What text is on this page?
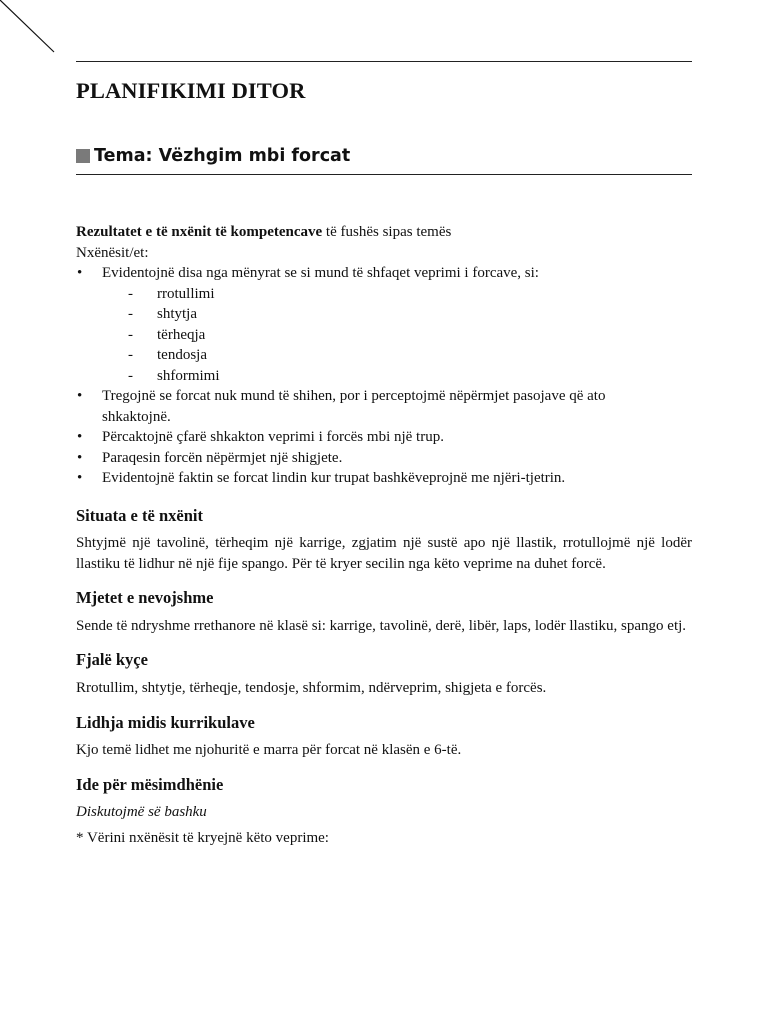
PLANIFIKIMI DITOR
Tema: Vëzhgim mbi forcat

Rezultatet e të nxënit të kompetencave të fushës sipas temës

Nxënësit/et:

• Evidentojnë disa nga mënyrat se si mund të shfaqet veprimi i forcave, si:
- rrotullimi
- shtytja
- tërheqja
- tendosja
- shformimi
• Tregojnë se forcat nuk mund të shihen, por i perceptojmë nëpërmjet pasojave që ato shkaktojnë.
• Përcaktojnë çfarë shkakton veprimi i forcës mbi një trup.
• Paraqesin forcën nëpërmjet një shigjete.
• Evidentojnë faktin se forcat lindin kur trupat bashkëveprojnë me njëri-tjetrin.

Situata e të nxënit

Shtyjmë një tavolinë, tërheqim një karrige, zgjatim një sustë apo një llastik, rrotullojmë një lodër llastiku të lidhur në një fije spango. Për të kryer secilin nga këto veprime na duhet forcë.

Mjetet e nevojshme

Sende të ndryshme rrethanore në klasë si: karrige, tavolinë, derë, libër, laps, lodër llastiku, spango etj.

Fjalë kyçe

Rrotullim, shtytje, tërheqje, tendosje, shformim, ndërveprim, shigjeta e forcës.

Lidhja midis kurrikulave

Kjo temë lidhet me njohuritë e marra për forcat në klasën e 6-të.

Ide për mësimdhënie

Diskutojmë së bashku

* Vërini nxënësit të kryejnë këto veprime:
